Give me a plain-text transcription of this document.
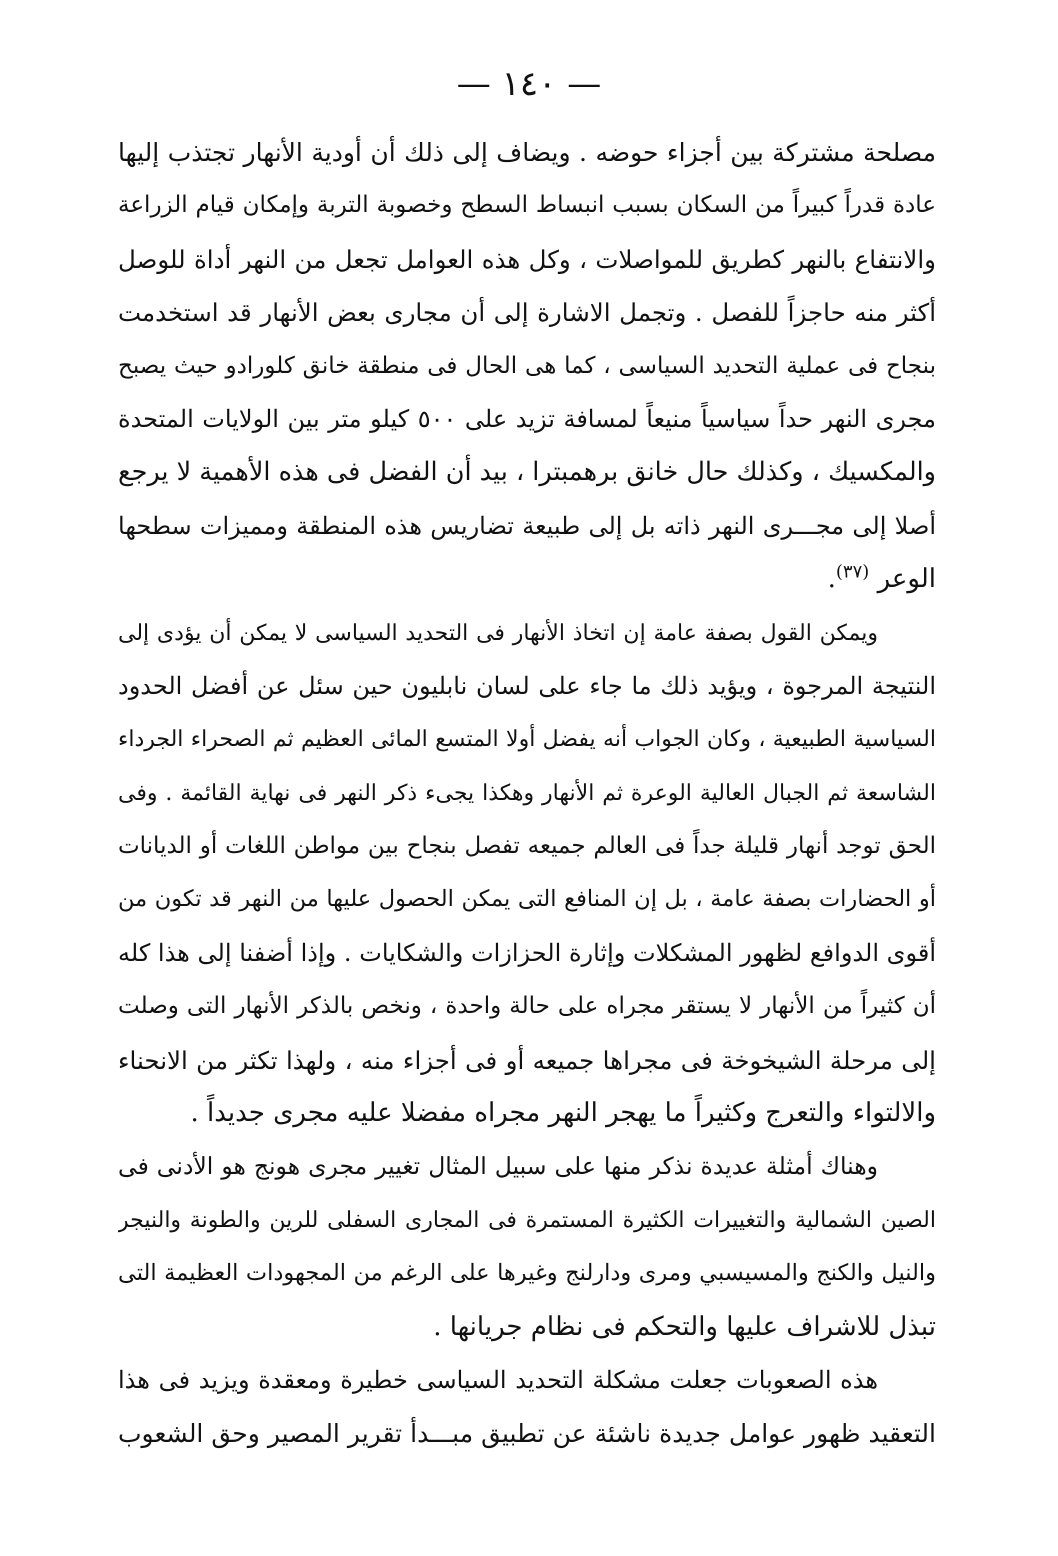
— ١٤٠ —
مصلحة مشتركة بين أجزاء حوضه . ويضاف إلى ذلك أن أودية الأنهار تجتذب إليها
عادة قدراً كبيراً من السكان بسبب انبساط السطح وخصوبة التربة وإمكان قيام الزراعة
والانتفاع بالنهر كطريق للمواصلات ، وكل هذه العوامل تجعل من النهر أداة للوصل
أكثر منه حاجزاً للفصل . وتجمل الاشارة إلى أن مجارى بعض الأنهار قد استخدمت
بنجاح فى عملية التحديد السياسى ، كما هى الحال فى منطقة خانق كلورادو حيث يصبح
مجرى النهر حداً سياسياً منيعاً لمسافة تزيد على ٥٠٠ كيلو متر بين الولايات المتحدة
والمكسيك ، وكذلك حال خانق برهمبترا ، بيد أن الفضل فى هذه الأهمية لا يرجع
أصلا إلى مجـــرى النهر ذاته بل إلى طبيعة تضاريس هذه المنطقة ومميزات سطحها
الوعر $^{(٣٧)}$.
ويمكن القول بصفة عامة إن اتخاذ الأنهار فى التحديد السياسى لا يمكن أن يؤدى إلى
النتيجة المرجوة ، ويؤيد ذلك ما جاء على لسان نابليون حين سئل عن أفضل الحدود
السياسية الطبيعية ، وكان الجواب أنه يفضل أولا المتسع المائى العظيم ثم الصحراء الجرداء
الشاسعة ثم الجبال العالية الوعرة ثم الأنهار وهكذا يجىء ذكر النهر فى نهاية القائمة . وفى
الحق توجد أنهار قليلة جداً فى العالم جميعه تفصل بنجاح بين مواطن اللغات أو الديانات
أو الحضارات بصفة عامة ، بل إن المنافع التى يمكن الحصول عليها من النهر قد تكون من
أقوى الدوافع لظهور المشكلات وإثارة الحزازات والشكايات . وإذا أضفنا إلى هذا كله
أن كثيراً من الأنهار لا يستقر مجراه على حالة واحدة ، ونخص بالذكر الأنهار التى وصلت
إلى مرحلة الشيخوخة فى مجراها جميعه أو فى أجزاء منه ، ولهذا تكثر من الانحناء
والالتواء والتعرج وكثيراً ما يهجر النهر مجراه مفضلا عليه مجرى جديداً .
وهناك أمثلة عديدة نذكر منها على سبيل المثال تغيير مجرى هونج هو الأدنى فى
الصين الشمالية والتغييرات الكثيرة المستمرة فى المجارى السفلى للرين والطونة والنيجر
والنيل والكنج والمسيسبي ومرى ودارلنج وغيرها على الرغم من المجهودات العظيمة التى
تبذل للاشراف عليها والتحكم فى نظام جريانها .
هذه الصعوبات جعلت مشكلة التحديد السياسى خطيرة ومعقدة ويزيد فى هذا
التعقيد ظهور عوامل جديدة ناشئة عن تطبيق مبـــدأ تقرير المصير وحق الشعوب
